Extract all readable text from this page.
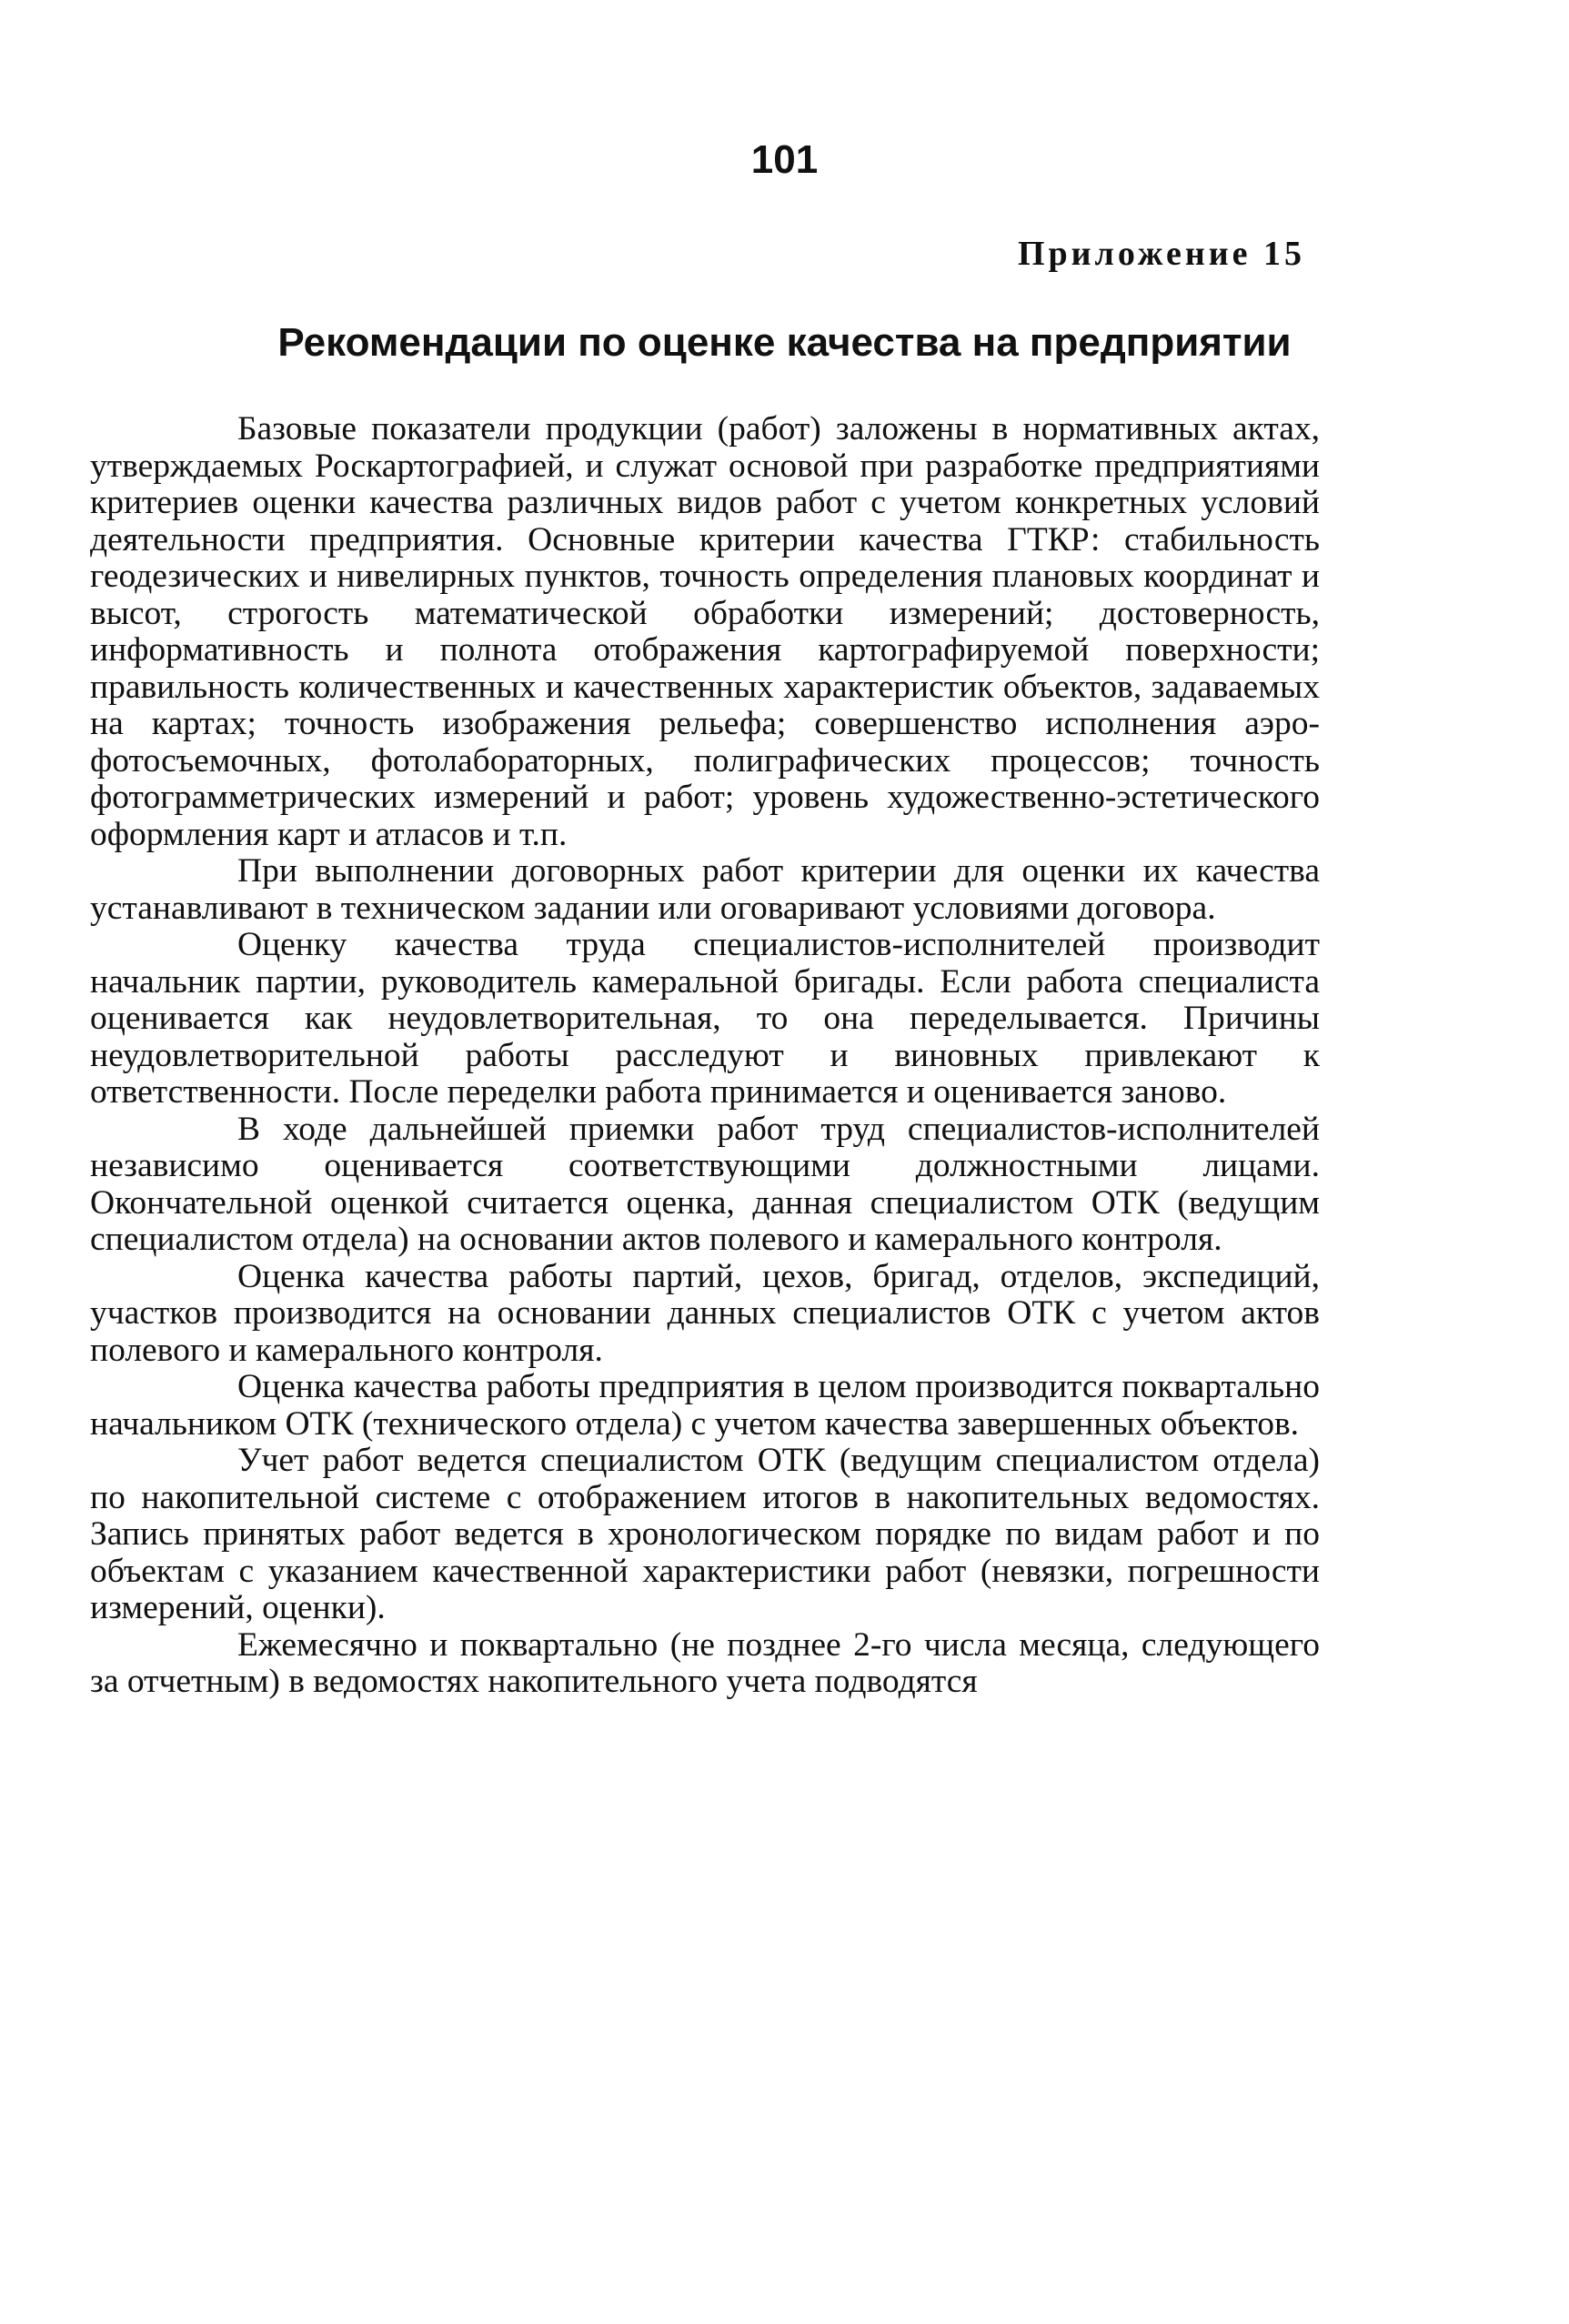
101
Приложение 15
Рекомендации по оценке качества на предприятии

Базовые показатели продукции (работ) заложены в нормативных актах, утверждаемых Роскартографией, и служат основой при разработке предприятиями критериев оценки качества различных видов работ с учетом конкретных условий деятельности предприятия. Основные критерии качества ГТКР: стабильность геодезических и нивелирных пунктов, точность определения плановых координат и высот, строгость математической обработки измерений; достоверность, информативность и полнота отображения картографируемой поверхности; правильность количественных и качественных характеристик объектов, задаваемых на картах; точность изображения рельефа; совершенство исполнения аэрофотосъемочных, фотолабораторных, полиграфических процессов; точность фотограмметрических измерений и работ; уровень художественно-эстетического оформления карт и атласов и т.п.

При выполнении договорных работ критерии для оценки их качества устанавливают в техническом задании или оговаривают условиями договора.

Оценку качества труда специалистов-исполнителей производит начальник партии, руководитель камеральной бригады. Если работа специалиста оценивается как неудовлетворительная, то она переделывается. Причины неудовлетворительной работы расследуют и виновных привлекают к ответственности. После переделки работа принимается и оценивается заново.

В ходе дальнейшей приемки работ труд специалистов-исполнителей независимо оценивается соответствующими должностными лицами. Окончательной оценкой считается оценка, данная специалистом ОТК (ведущим специалистом отдела) на основании актов полевого и камерального контроля.

Оценка качества работы партий, цехов, бригад, отделов, экспедиций, участков производится на основании данных специалистов ОТК с учетом актов полевого и камерального контроля.

Оценка качества работы предприятия в целом производится поквартально начальником ОТК (технического отдела) с учетом качества завершенных объектов.

Учет работ ведется специалистом ОТК (ведущим специалистом отдела) по накопительной системе с отображением итогов в накопительных ведомостях. Запись принятых работ ведется в хронологическом порядке по видам работ и по объектам с указанием качественной характеристики работ (невязки, погрешности измерений, оценки).

Ежемесячно и поквартально (не позднее 2-го числа месяца, следующего за отчетным) в ведомостях накопительного учета подводятся
